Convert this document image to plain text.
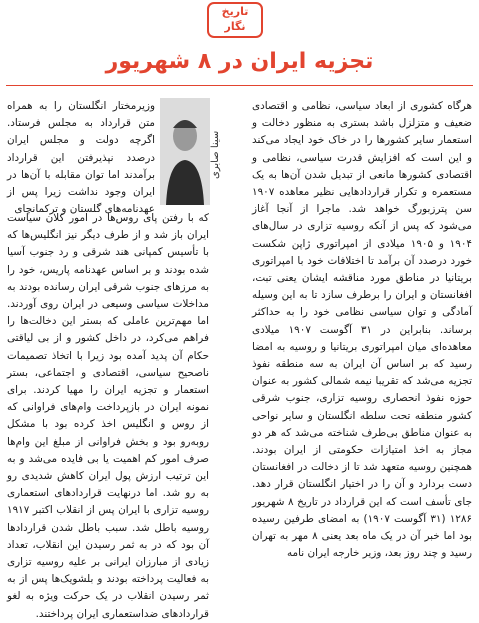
تاریخ
نگار
تجزیه ایران در ۸ شهریور

هرگاه کشوری از ابعاد سیاسی، نظامی و اقتصادی ضعیف و متزلزل باشد بستری به منظور دخالت و استعمار سایر کشورها را در خاک خود ایجاد می‌کند و این است که افزایش قدرت سیاسی، نظامی و اقتصادی کشورها مانعی از تبدیل شدن آن‌ها به یک مستعمره و تکرار قراردادهایی نظیر معاهده ۱۹۰۷ سن پترزبورگ خواهد شد. ماجرا از آنجا آغاز می‌شود که پس از آنکه روسیه تزاری در سال‌های ۱۹۰۴ و ۱۹۰۵ میلادی از امپراتوری ژاپن شکست خورد درصدد آن برآمد تا اختلافات خود با امپراتوری بریتانیا در مناطق مورد مناقشه ایشان یعنی تبت، افغانستان و ایران را برطرف سازد تا به این وسیله آمادگی و توان سیاسی نظامی خود را به حداکثر برساند. بنابراین در ۳۱ آگوست ۱۹۰۷ میلادی معاهده‌ای میان امپراتوری بریتانیا و روسیه به امضا رسید که بر اساس آن ایران به سه منطقه نفوذ تجزیه می‌شد که تقریبا نیمه شمالی کشور به عنوان حوزه نفوذ انحصاری روسیه تزاری، جنوب شرقی کشور منطقه تحت سلطه انگلستان و سایر نواحی به عنوان مناطق بی‌طرف شناخته می‌شد که هر دو مجاز به اخذ امتیازات حکومتی از ایران بودند. همچنین روسیه متعهد شد تا از دخالت در افغانستان دست بردارد و آن را در اختیار انگلستان قرار دهد. جای تأسف است که این قرارداد در تاریخ ۸ شهریور ۱۲۸۶ (۳۱ آگوست ۱۹۰۷) به امضای طرفین رسیده بود اما خبر آن در یک ماه بعد یعنی ۸ مهر به تهران رسید و چند روز بعد، وزیر خارجه ایران نامه

سینا صابری

وزیرمختار انگلستان را به همراه متن قرارداد به مجلس فرستاد. اگرچه دولت و مجلس ایران درصدد نپذیرفتن این قرارداد برآمدند اما توان مقابله با آن‌ها در ایران وجود نداشت زیرا پس از عهدنامه‌های گلستان و ترکمانچای

که با رفتن پای روس‌ها در امور کلان سیاست ایران باز شد و از طرف دیگر نیز انگلیس‌ها که با تأسیس کمپانی هند شرقی و رد جنوب آسیا شده بودند و بر اساس عهدنامه پاریس، خود را به مرزهای جنوب شرقی ایران رسانده بودند به مداخلات سیاسی وسیعی در ایران روی آوردند. اما مهم‌ترین عاملی که بستر این دخالت‌ها را فراهم می‌کرد، در داخل کشور و از بی لیاقتی حکام آن پدید آمده بود زیرا با اتخاذ تصمیمات ناصحیح سیاسی، اقتصادی و اجتماعی، بستر استعمار و تجزیه ایران را مهیا کردند. برای نمونه ایران در بازپرداخت وام‌های فراوانی که از روس و انگلیس اخذ کرده بود با مشکل روبه‌رو بود و بخش فراوانی از مبلغ این وام‌ها صرف امور کم اهمیت یا بی فایده می‌شد و به این ترتیب ارزش پول ایران کاهش شدیدی رو به رو شد. اما درنهایت قراردادهای استعماری روسیه تزاری با ایران پس از انقلاب اکتبر ۱۹۱۷ روسیه باطل شد. سبب باطل شدن قراردادها آن بود که در به ثمر رسیدن این انقلاب، تعداد زیادی از مبارزان ایرانی بر علیه روسیه تزاری به فعالیت پرداخته بودند و بلشویک‌ها پس از به ثمر رسیدن انقلاب در یک حرکت ویژه به لغو قراردادهای ضداستعماری ایران پرداختند.
